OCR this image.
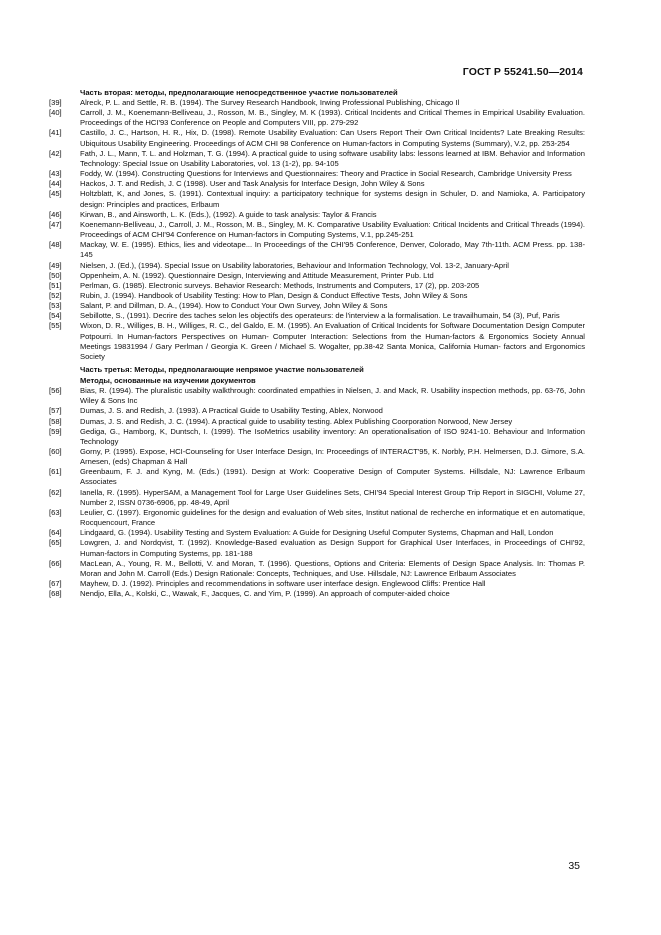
ГОСТ Р 55241.50—2014
Часть вторая: методы, предполагающие непосредственное участие пользователей
[39]	Alreck, P. L. and Settle, R. B. (1994). The Survey Research Handbook, Irwing Professional Publishing, Chicago Il
[40]	Carroll, J. M., Koenemann-Belliveau, J., Rosson, M. B., Singley, M. K (1993). Critical Incidents and Critical Themes in Empirical Usability Evaluation. Proceedings of the HCI'93 Conference on People and Computers VIII, pp. 279-292
[41]	Castillo, J. C., Hartson, H. R., Hix, D. (1998). Remote Usability Evaluation: Can Users Report Their Own Critical Incidents? Late Breaking Results: Ubiquitous Usability Engineering. Proceedings of ACM CHI 98 Conference on Human-factors in Computing Systems (Summary), V.2, pp. 253-254
[42]	Fath, J. L., Mann, T. L. and Holzman, T. G. (1994). A practical guide to using software usability labs: lessons learned at IBM. Behavior and Information Technology: Special Issue on Usability Laboratories, vol. 13 (1-2), pp. 94-105
[43]	Foddy, W. (1994). Constructing Questions for Interviews and Questionnaires: Theory and Practice in Social Research, Cambridge University Press
[44]	Hackos, J. T. and Redish, J. C (1998). User and Task Analysis for Interface Design, John Wiley & Sons
[45]	Holtzblatt, K, and Jones, S. (1991). Contextual inquiry: a participatory technique for systems design in Schuler, D. and Namioka, A. Participatory design: Principles and practices, Erlbaum
[46]	Kirwan, B., and Ainsworth, L. K. (Eds.), (1992). A guide to task analysis: Taylor & Francis
[47]	Koenemann-Belliveau, J., Carroll, J. M., Rosson, M. B., Singley, M. K. Comparative Usability Evaluation: Critical Incidents and Critical Threads (1994). Proceedings of ACM CHI'94 Conference on Human-factors in Computing Systems, V.1, pp.245-251
[48]	Mackay, W. E. (1995). Ethics, lies and videotape... In Proceedings of the CHI'95 Conference, Denver, Colorado, May 7th-11th. ACM Press. pp. 138-145
[49]	Nielsen, J. (Ed.), (1994). Special Issue on Usability laboratories, Behaviour and Information Technology, Vol. 13-2, January-April
[50]	Oppenheim, A. N. (1992). Questionnaire Design, Interviewing and Attitude Measurement, Printer Pub. Ltd
[51]	Perlman, G. (1985). Electronic surveys. Behavior Research: Methods, Instruments and Computers, 17 (2), pp. 203-205
[52]	Rubin, J. (1994). Handbook of Usability Testing: How to Plan, Design & Conduct Effective Tests, John Wiley & Sons
[53]	Salant, P. and Dillman, D. A., (1994). How to Conduct Your Own Survey, John Wiley & Sons
[54]	Sebillotte, S., (1991). Decrire des taches selon les objectifs des operateurs: de l'interview a la formalisation. Le travailhumain, 54 (3), Puf, Paris
[55]	Wixon, D. R., Williges, B. H., Williges, R. C., del Galdo, E. M. (1995). An Evaluation of Critical Incidents for Software Documentation Design Computer Potpourri. In Human-factors Perspectives on Human- Computer Interaction: Selections from the Human-factors & Ergonomics Society Annual Meetings 19831994 / Gary Perlman / Georgia K. Green / Michael S. Wogalter, pp.38-42 Santa Monica, California Human- factors and Ergonomics Society
Часть третья: Методы, предполагающие непрямое участие пользователей
Методы, основанные на изучении документов
[56]	Bias, R. (1994). The pluralistic usabilty walkthrough: coordinated empathies in Nielsen, J. and Mack, R. Usability inspection methods, pp. 63-76, John Wiley & Sons Inc
[57]	Dumas, J. S. and Redish, J. (1993). A Practical Guide to Usability Testing, Ablex, Norwood
[58]	Dumas, J. S. and Redish, J. C. (1994). A practical guide to usability testing. Ablex Publishing Coorporation Norwood, New Jersey
[59]	Gediga, G., Hamborg, K, Duntsch, I. (1999). The IsoMetrics usability inventory: An operationalisation of ISO 9241-10. Behaviour and Information Technology
[60]	Gorny, P. (1995). Expose, HCI-Counseling for User Interface Design, In: Proceedings of INTERACT'95, K. Norbly, P.H. Helmersen, D.J. Gimore, S.A. Arnesen, (eds) Chapman & Hall
[61]	Greenbaum, F. J. and Kyng, M. (Eds.) (1991). Design at Work: Cooperative Design of Computer Systems. Hillsdale, NJ: Lawrence Erlbaum Associates
[62]	Ianella, R. (1995). HyperSAM, a Management Tool for Large User Guidelines Sets, CHI'94 Special Interest Group Trip Report in SIGCHI, Volume 27, Number 2, ISSN 0736-6906, pp. 48-49, April
[63]	Leulier, C. (1997). Ergonomic guidelines for the design and evaluation of Web sites, Institut national de recherche en informatique et en automatique, Rocquencourt, France
[64]	Lindgaard, G. (1994). Usability Testing and System Evaluation: A Guide for Designing Useful Computer Systems, Chapman and Hall, London
[65]	Lowgren, J. and Nordqvist, T. (1992). Knowledge-Based evaluation as Design Support for Graphical User Interfaces, in Proceedings of CHI'92, Human-factors in Computing Systems, pp. 181-188
[66]	MacLean, A., Young, R. M., Bellotti, V. and Moran, T. (1996). Questions, Options and Criteria: Elements of Design Space Analysis. In: Thomas P. Moran and John M. Carroll (Eds.) Design Rationale: Concepts, Techniques, and Use. Hillsdale, NJ: Lawrence Erlbaum Associates
[67]	Mayhew, D. J. (1992). Principles and recommendations in software user interface design. Englewood Cliffs: Prentice Hall
[68]	Nendjo, Ella, A., Kolski, C., Wawak, F., Jacques, C. and Yim, P. (1999). An approach of computer-aided choice
35
